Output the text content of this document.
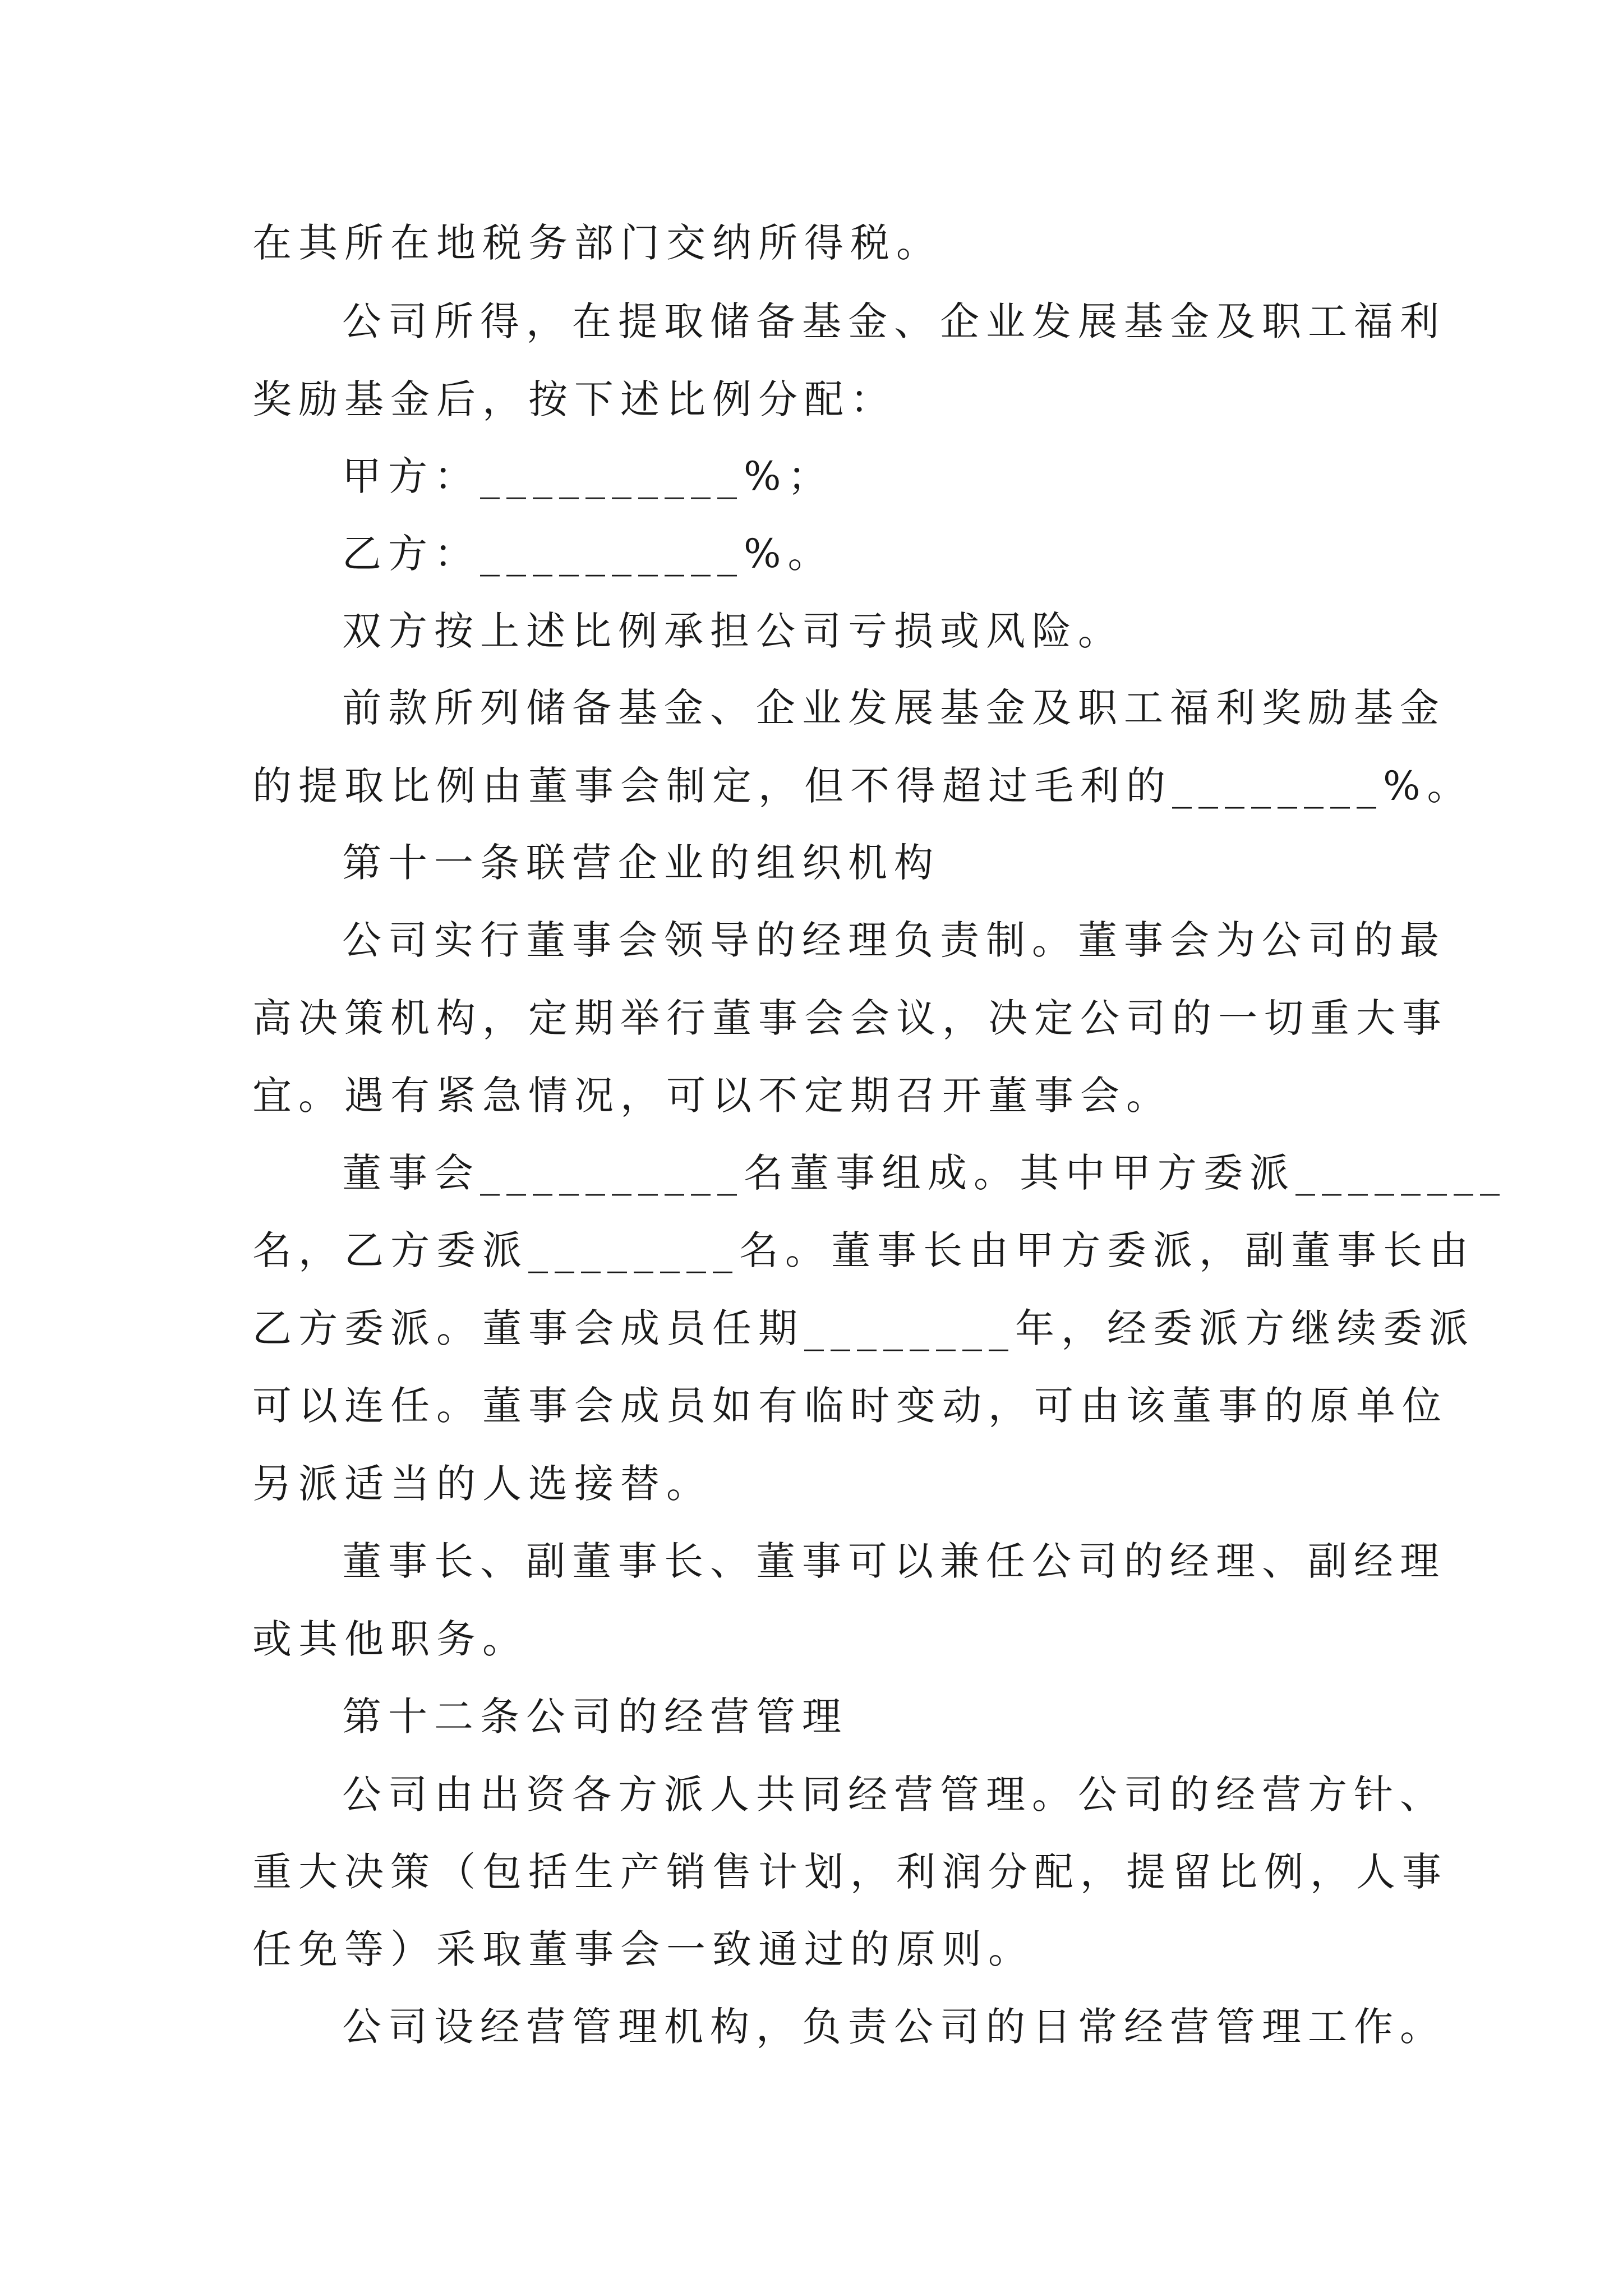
在其所在地税务部门交纳所得税。
公司所得，在提取储备基金、企业发展基金及职工福利
奖励基金后，按下述比例分配：
甲方：__________%；
乙方：__________%。
双方按上述比例承担公司亏损或风险。
前款所列储备基金、企业发展基金及职工福利奖励基金
的提取比例由董事会制定，但不得超过毛利的________%。
第十一条联营企业的组织机构
公司实行董事会领导的经理负责制。董事会为公司的最
高决策机构，定期举行董事会会议，决定公司的一切重大事
宜。遇有紧急情况，可以不定期召开董事会。
董事会__________名董事组成。其中甲方委派________
名，乙方委派________名。董事长由甲方委派，副董事长由
乙方委派。董事会成员任期________年，经委派方继续委派
可以连任。董事会成员如有临时变动，可由该董事的原单位
另派适当的人选接替。
董事长、副董事长、董事可以兼任公司的经理、副经理
或其他职务。
第十二条公司的经营管理
公司由出资各方派人共同经营管理。公司的经营方针、
重大决策（包括生产销售计划，利润分配，提留比例，人事
任免等）采取董事会一致通过的原则。
公司设经营管理机构，负责公司的日常经营管理工作。
